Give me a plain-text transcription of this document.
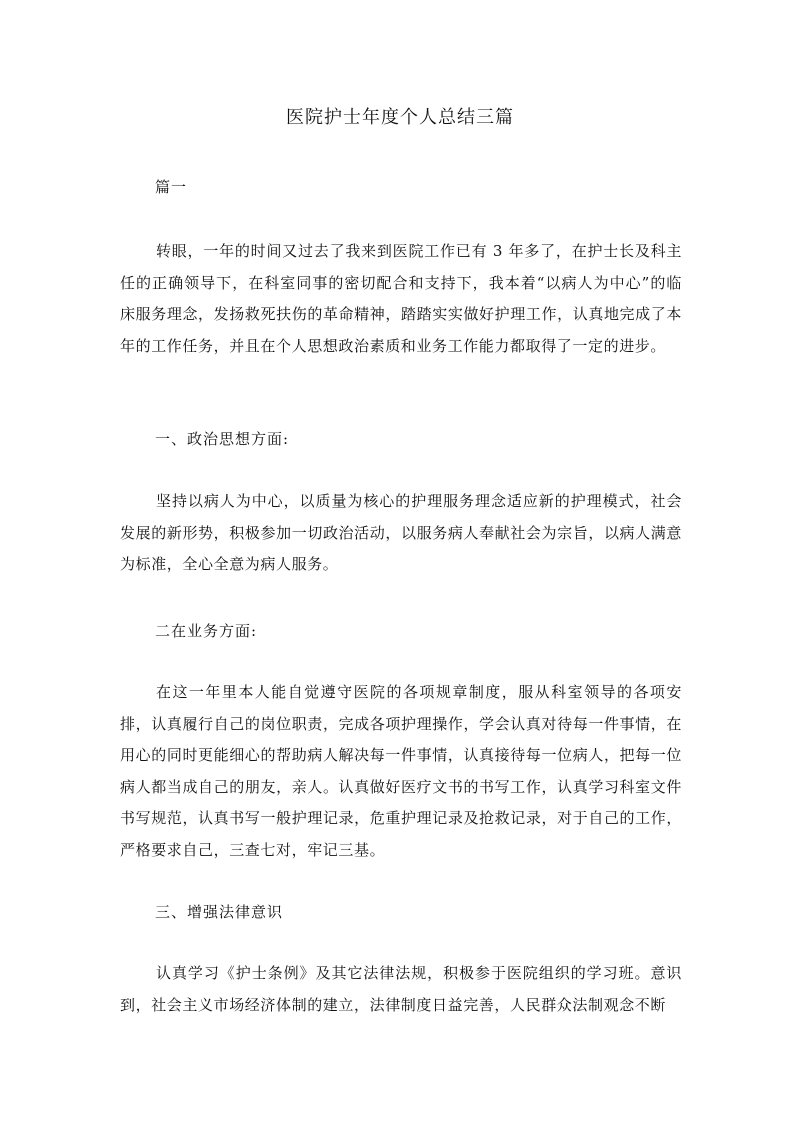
医院护士年度个人总结三篇
篇一

转眼，一年的时间又过去了我来到医院工作已有 3 年多了，在护士长及科主任的正确领导下，在科室同事的密切配合和支持下，我本着“以病人为中心”的临床服务理念，发扬救死扶伤的革命精神，踏踏实实做好护理工作，认真地完成了本年的工作任务，并且在个人思想政治素质和业务工作能力都取得了一定的进步。

一、政治思想方面:

坚持以病人为中心，以质量为核心的护理服务理念适应新的护理模式，社会发展的新形势，积极参加一切政治活动，以服务病人奉献社会为宗旨，以病人满意为标准，全心全意为病人服务。

二在业务方面:

在这一年里本人能自觉遵守医院的各项规章制度，服从科室领导的各项安排，认真履行自己的岗位职责，完成各项护理操作，学会认真对待每一件事情，在用心的同时更能细心的帮助病人解决每一件事情，认真接待每一位病人，把每一位病人都当成自己的朋友，亲人。认真做好医疗文书的书写工作，认真学习科室文件书写规范，认真书写一般护理记录，危重护理记录及抢救记录，对于自己的工作，严格要求自己，三查七对，牢记三基。

三、增强法律意识

认真学习《护士条例》及其它法律法规，积极参于医院组织的学习班。意识到，社会主义市场经济体制的建立，法律制度日益完善，人民群众法制观念不断
